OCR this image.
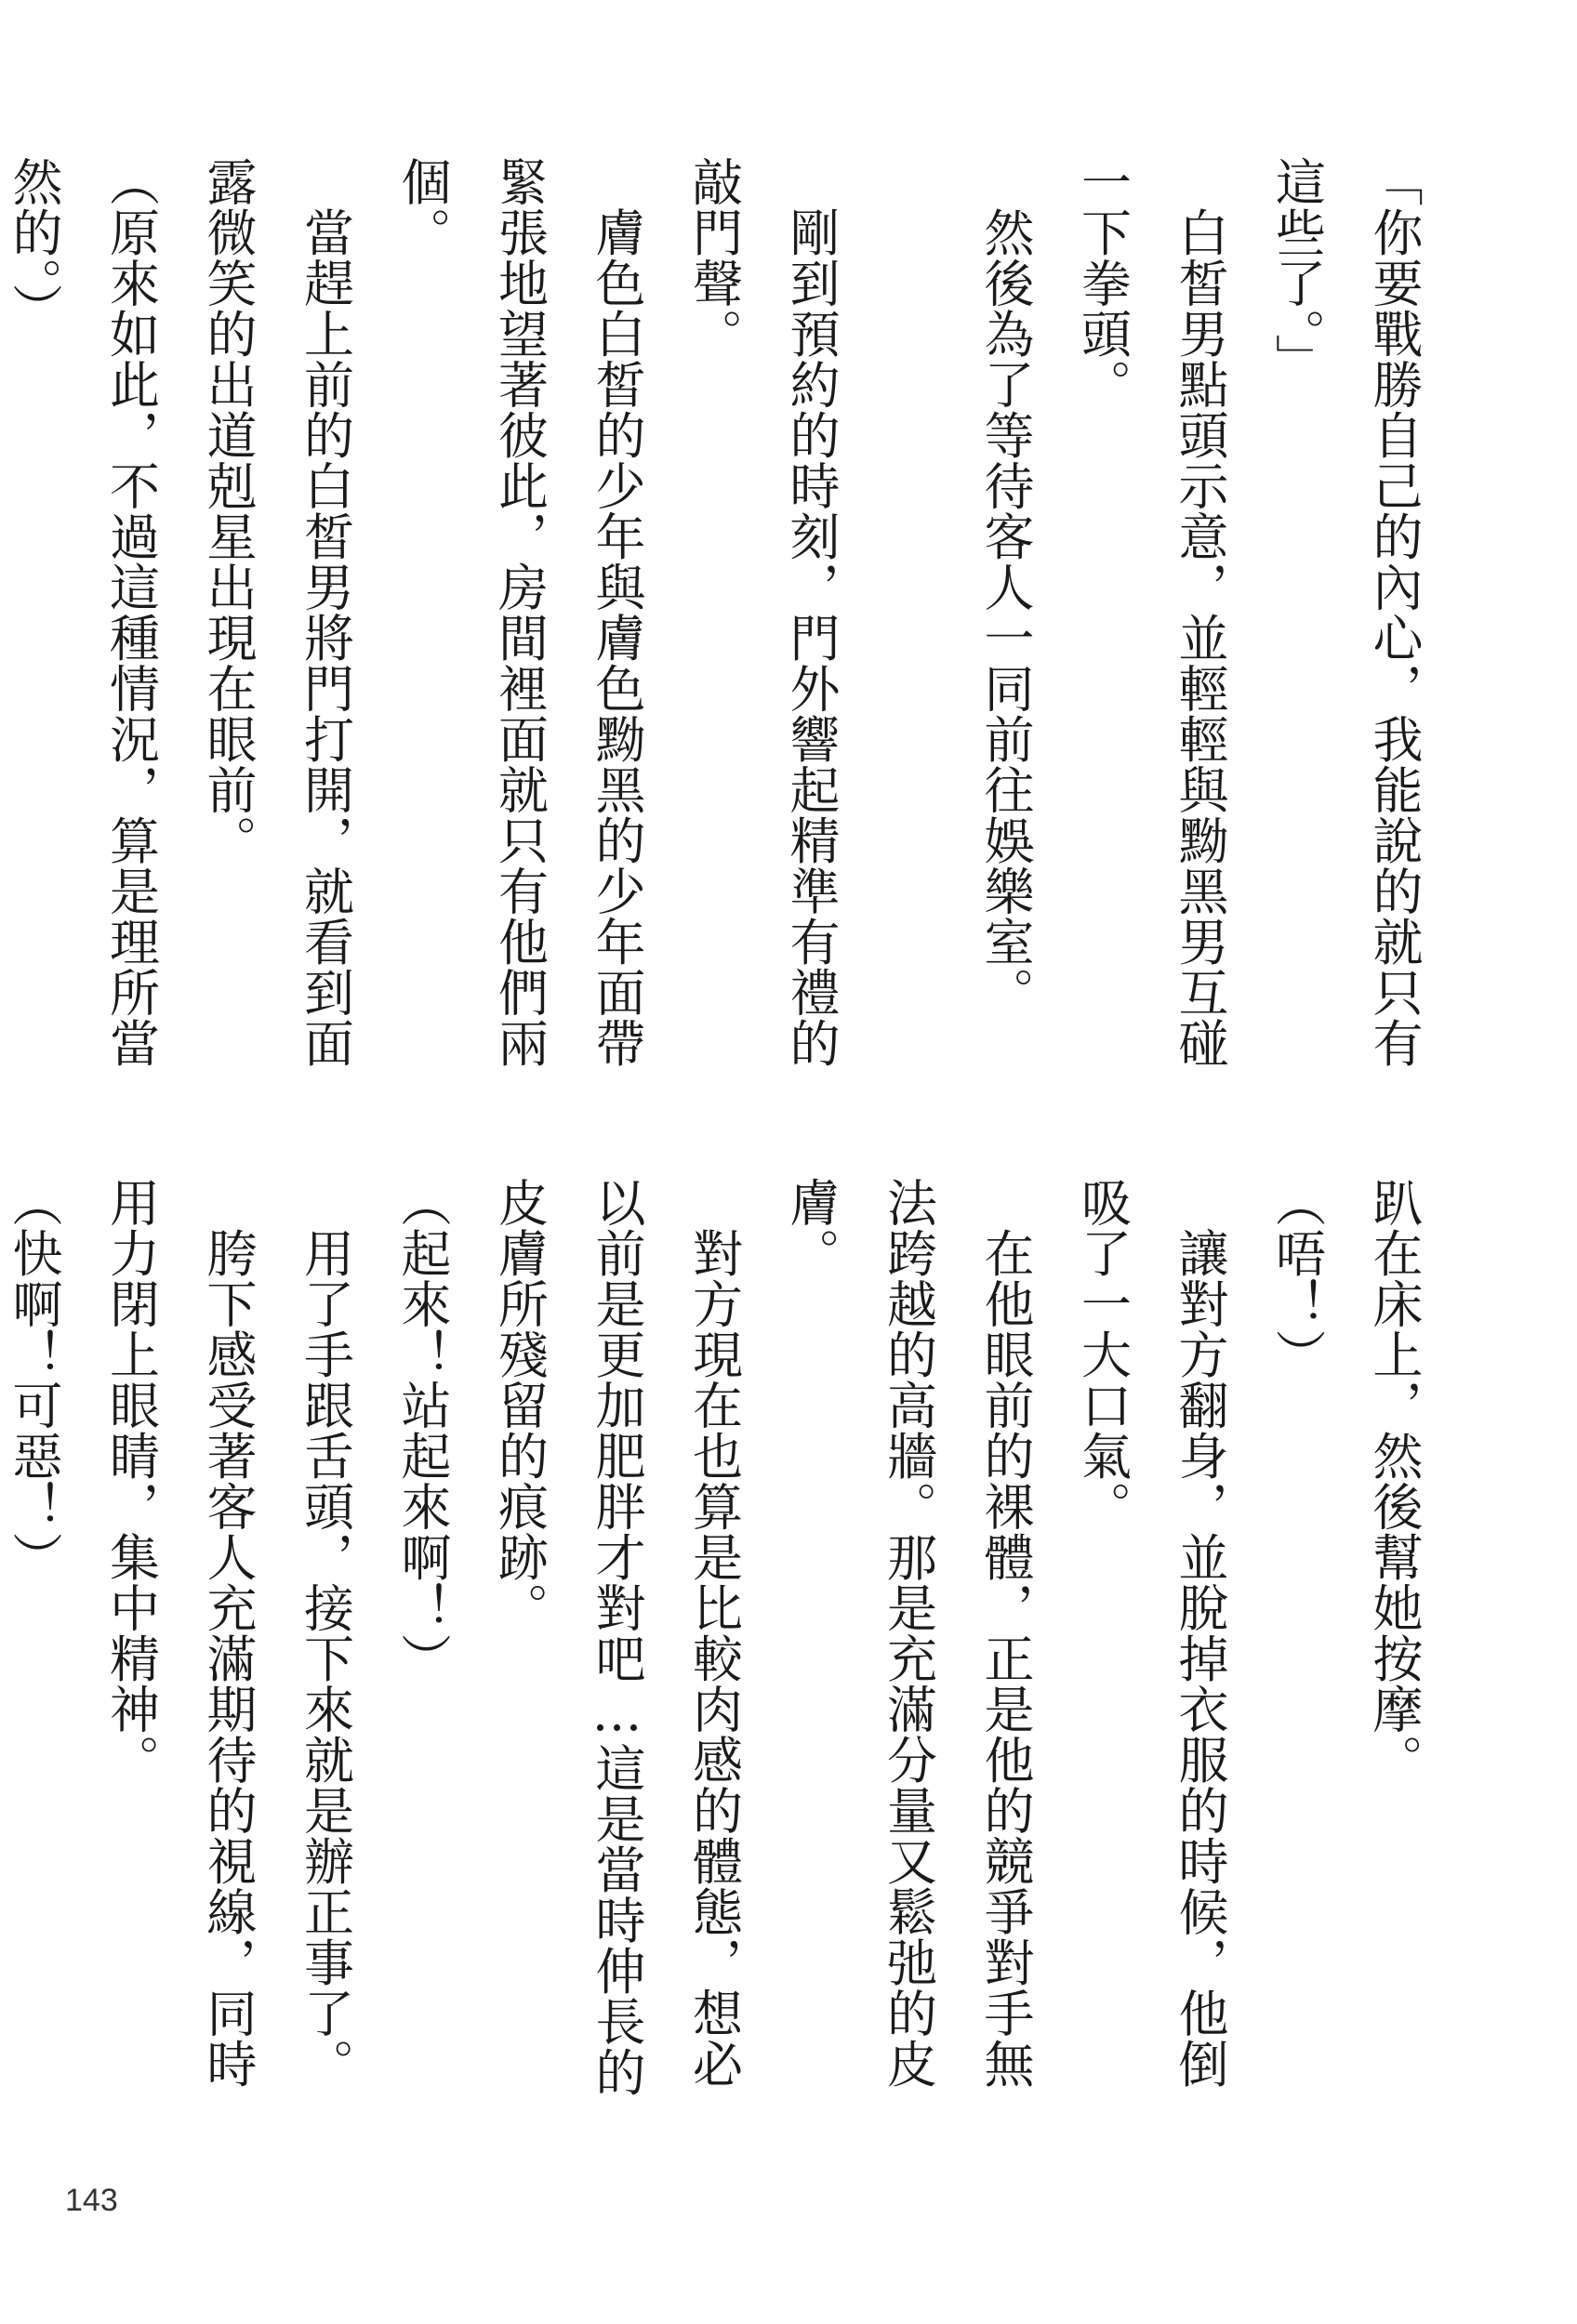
「你要戰勝自己的內心，我能說的就只有這些了。」

　白皙男點頭示意，並輕輕與黝黑男互碰一下拳頭。

　然後為了等待客人一同前往娛樂室。

　剛到預約的時刻，門外響起精準有禮的敲門聲。

　膚色白皙的少年與膚色黝黑的少年面帶緊張地望著彼此，房間裡面就只有他們兩個。

　當趕上前的白皙男將門打開，就看到面露微笑的出道剋星出現在眼前。

（原來如此，不過這種情況，算是理所當然的。）

趴在床上，然後幫她按摩。

（唔！）

　讓對方翻身，並脫掉衣服的時候，他倒吸了一大口氣。

　在他眼前的裸體，正是他的競爭對手無法跨越的高牆。那是充滿分量又鬆弛的皮膚。

　對方現在也算是比較肉感的體態，想必以前是更加肥胖才對吧…這是當時伸長的皮膚所殘留的痕跡。

（起來！站起來啊！）

　用了手跟舌頭，接下來就是辦正事了。

　胯下感受著客人充滿期待的視線，同時用力閉上眼睛，集中精神。

（快啊！可惡！）

143
